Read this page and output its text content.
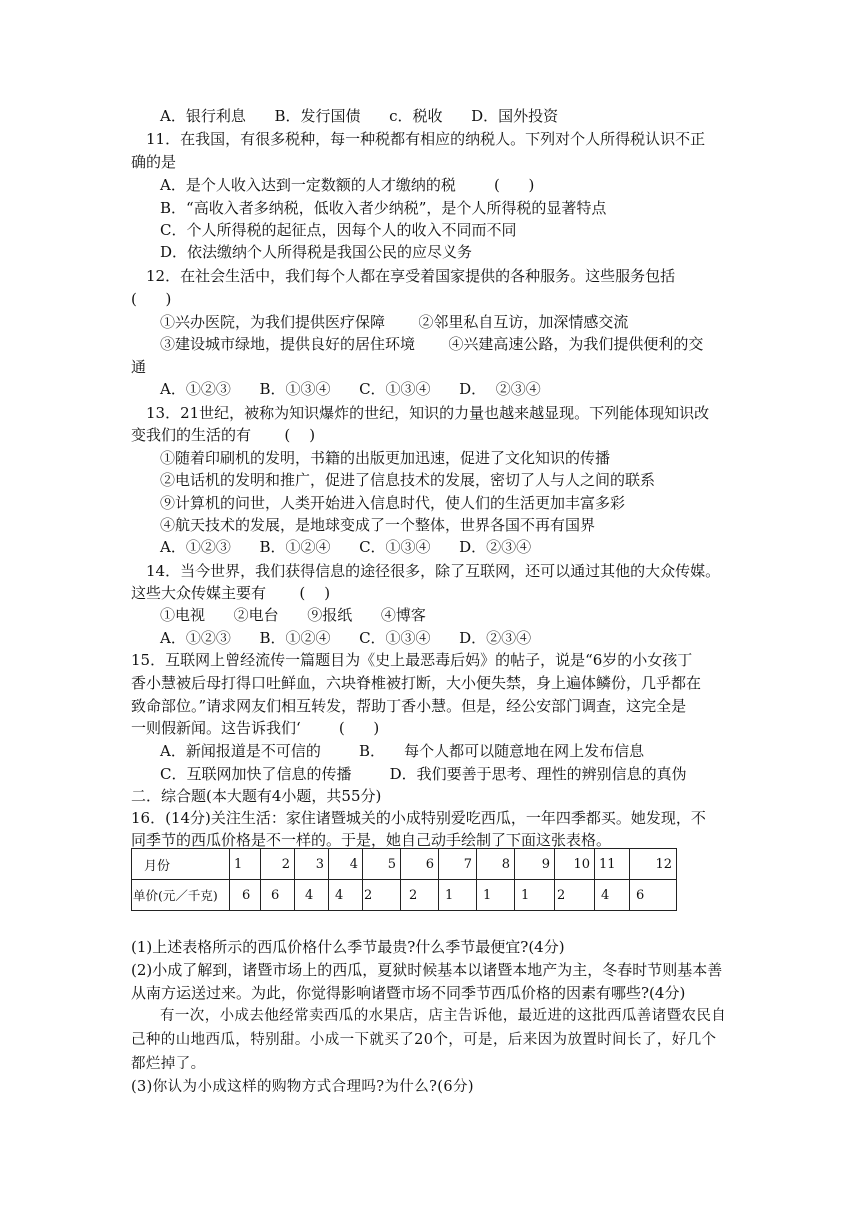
A．银行利息      B．发行国债      c．税收      D．国外投资
11．在我国，有很多税种，每一种税都有相应的纳税人。下列对个人所得税认识不正
确的是
A．是个人收入达到一定数额的人才缴纳的税        (      )
B．“高收入者多纳税，低收入者少纳税”，是个人所得税的显著特点
C．个人所得税的起征点，因每个人的收入不同而不同
D．依法缴纳个人所得税是我国公民的应尽义务
12．在社会生活中，我们每个人都在享受着国家提供的各种服务。这些服务包括
(      )
①兴办医院，为我们提供医疗保障       ②邻里私自互访，加深情感交流
③建设城市绿地，提供良好的居住环境       ④兴建高速公路，为我们提供便利的交
通
A．①②③      B．①③④      C．①③④      D．  ②③④
13．21世纪，被称为知识爆炸的世纪，知识的力量也越来越显现。下列能体现知识改
变我们的生活的有       (    )
①随着印刷机的发明，书籍的出版更加迅速，促进了文化知识的传播
②电话机的发明和推广，促进了信息技术的发展，密切了人与人之间的联系
⑨计算机的问世，人类开始进入信息时代，使人们的生活更加丰富多彩
④航天技术的发展，是地球变成了一个整体，世界各国不再有国界
A．①②③      B．①②④      C．①③④      D．②③④
14．当今世界，我们获得信息的途径很多，除了互联网，还可以通过其他的大众传媒。
这些大众传媒主要有       (    )
①电视      ②电台      ⑨报纸      ④博客
A．①②③      B．①②④      C．①③④      D．②③④
15．互联网上曾经流传一篇题目为《史上最恶毒后妈》的帖子，说是“6岁的小女孩丁
香小慧被后母打得口吐鲜血，六块脊椎被打断，大小便失禁，身上遍体鳞份，几乎都在
致命部位。”请求网友们相互转发，帮助丁香小慧。但是，经公安部门调查，这完全是
一则假新闻。这告诉我们‘        (      )
A．新闻报道是不可信的        B．    每个人都可以随意地在网上发布信息
C．互联网加快了信息的传播        D．我们要善于思考、理性的辨别信息的真伪
二．综合题(本大题有4小题，共55分)
16．(14分)关注生活：家住诸暨城关的小成特别爱吃西瓜，一年四季都买。她发现，不
同季节的西瓜价格是不一样的。于是，她自己动手绘制了下面这张表格。
月份	1	2	3	4	5	6	7	8	9	10	11	12
单价(元／千克)	6	6	4	4	2	2	1	1	1	2	4	6
(1)上述表格所示的西瓜价格什么季节最贵?什么季节最便宜?(4分)
(2)小成了解到，诸暨市场上的西瓜，夏狱时候基本以诸暨本地产为主，冬春时节则基本善
从南方运送过来。为此，你觉得影响诸暨市场不同季节西瓜价格的因素有哪些?(4分)
有一次，小成去他经常卖西瓜的水果店，店主告诉他，最近进的这批西瓜善诸暨农民自
己种的山地西瓜，特别甜。小成一下就买了20个，可是，后来因为放置时间长了，好几个
都烂掉了。
(3)你认为小成这样的购物方式合理吗?为什么?(6分)
